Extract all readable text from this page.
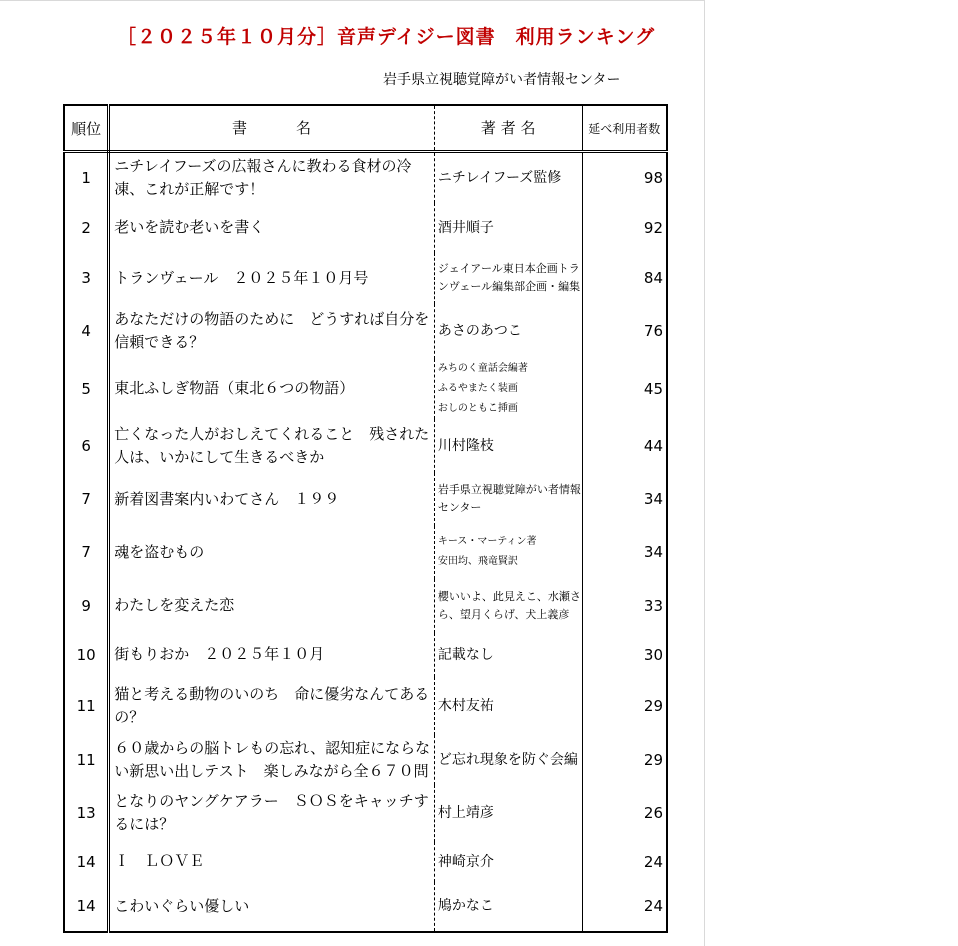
［２０２５年１０月分］音声デイジー図書　利用ランキング
岩手県立視聴覚障がい者情報センター
順位	書　　　名	著 者 名	延べ利用者数
1	ニチレイフーズの広報さんに教わる食材の冷凍、これが正解です！	ニチレイフーズ監修	98
2	老いを読む老いを書く	酒井順子	92
3	トランヴェール　２０２５年１０月号	ジェイアール東日本企画トランヴェール編集部企画・編集	84
4	あなただけの物語のために　どうすれば自分を信頼できる？	あさのあつこ	76
5	東北ふしぎ物語（東北６つの物語）	みちのく童話会編著
ふるやまたく装画
おしのともこ挿画	45
6	亡くなった人がおしえてくれること　残された人は、いかにして生きるべきか	川村隆枝	44
7	新着図書案内いわてさん　１９９	岩手県立視聴覚障がい者情報センター	34
7	魂を盗むもの	キース・マーティン著
安田均、飛竜賢訳	34
9	わたしを変えた恋	櫻いいよ、此見えこ、水瀬さら、望月くらげ、犬上義彦	33
10	街もりおか　２０２５年１０月	記載なし	30
11	猫と考える動物のいのち　命に優劣なんてあるの？	木村友祐	29
11	６０歳からの脳トレもの忘れ、認知症にならない新思い出しテスト　楽しみながら全６７０問	ど忘れ現象を防ぐ会編	29
13	となりのヤングケアラー　ＳＯＳをキャッチするには？	村上靖彦	26
14	Ｉ　ＬＯＶＥ	神崎京介	24
14	こわいぐらい優しい	鳩かなこ	24
